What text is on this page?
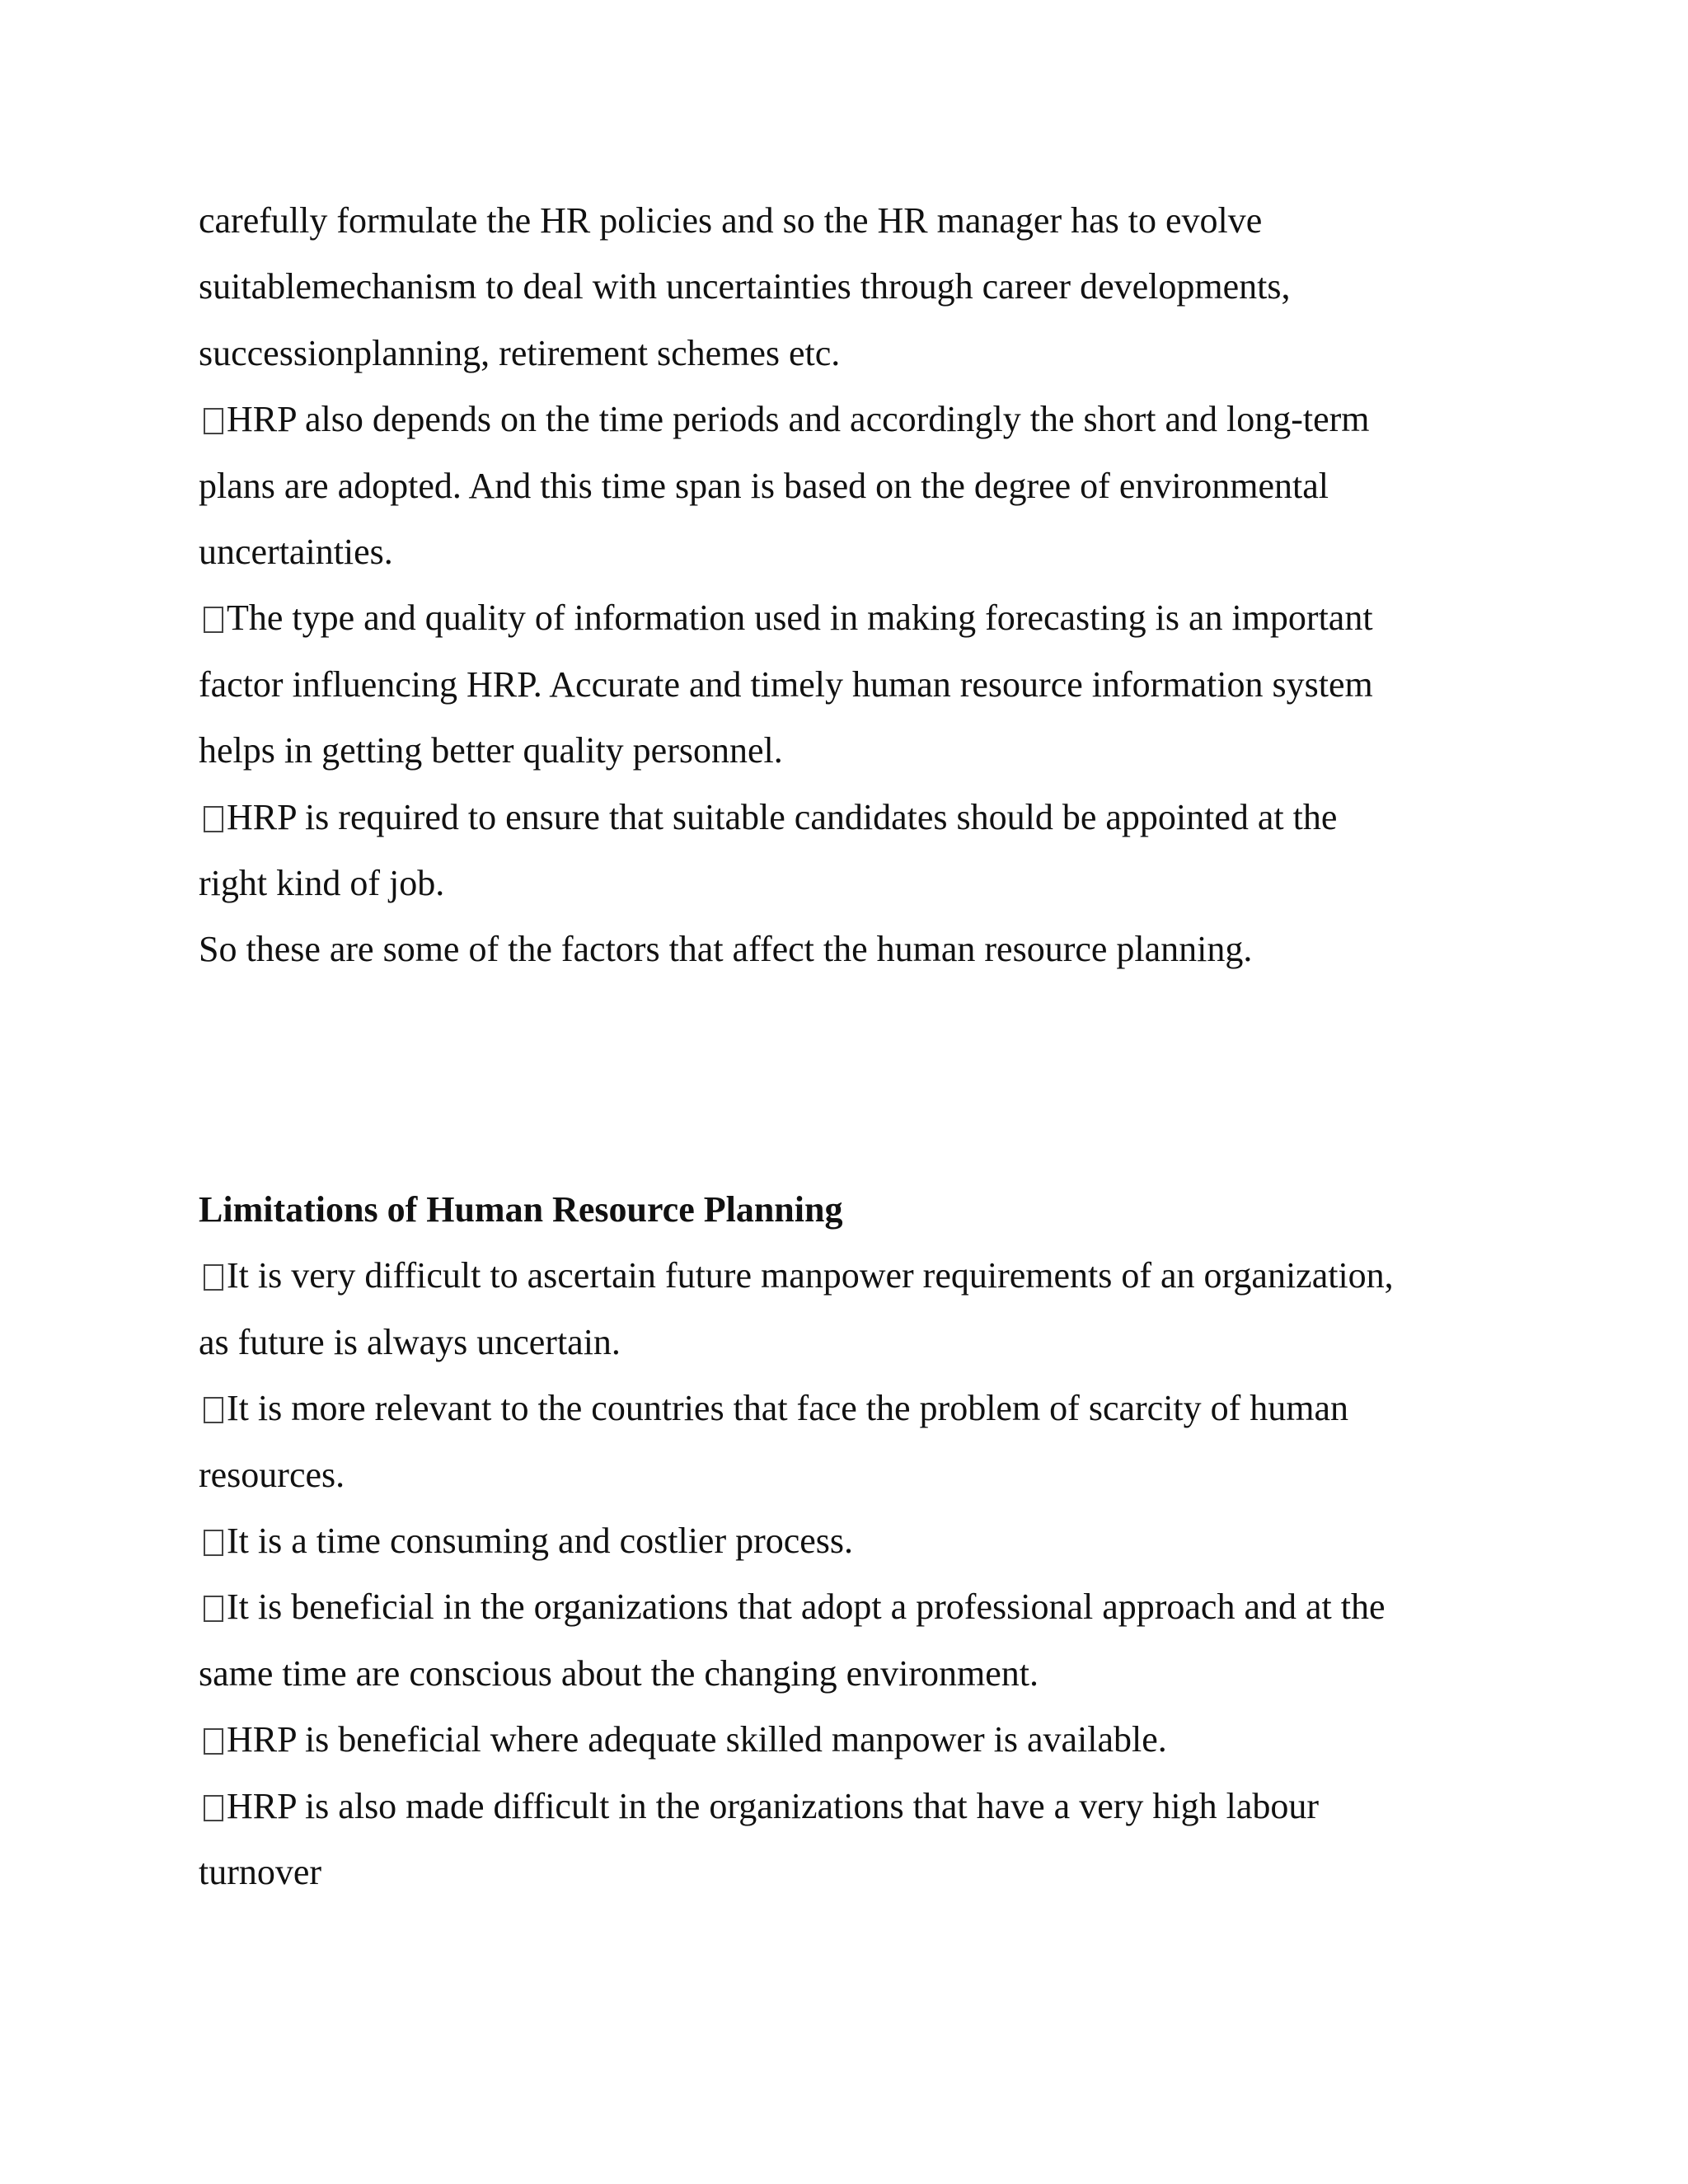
carefully formulate the HR policies and so the HR manager has to evolve
suitablemechanism to deal with uncertainties through career developments,
successionplanning, retirement schemes etc.
HRP also depends on the time periods and accordingly the short and long-term
plans are adopted. And this time span is based on the degree of environmental
uncertainties.
The type and quality of information used in making forecasting is an important
factor influencing HRP. Accurate and timely human resource information system
helps in getting better quality personnel.
HRP is required to ensure that suitable candidates should be appointed at the
right kind of job.
So these are some of the factors that affect the human resource planning.
Limitations of Human Resource Planning
It is very difficult to ascertain future manpower requirements of an organization,
as future is always uncertain.
It is more relevant to the countries that face the problem of scarcity of human
resources.
It is a time consuming and costlier process.
It is beneficial in the organizations that adopt a professional approach and at the
same time are conscious about the changing environment.
HRP is beneficial where adequate skilled manpower is available.
HRP is also made difficult in the organizations that have a very high labour
turnover
